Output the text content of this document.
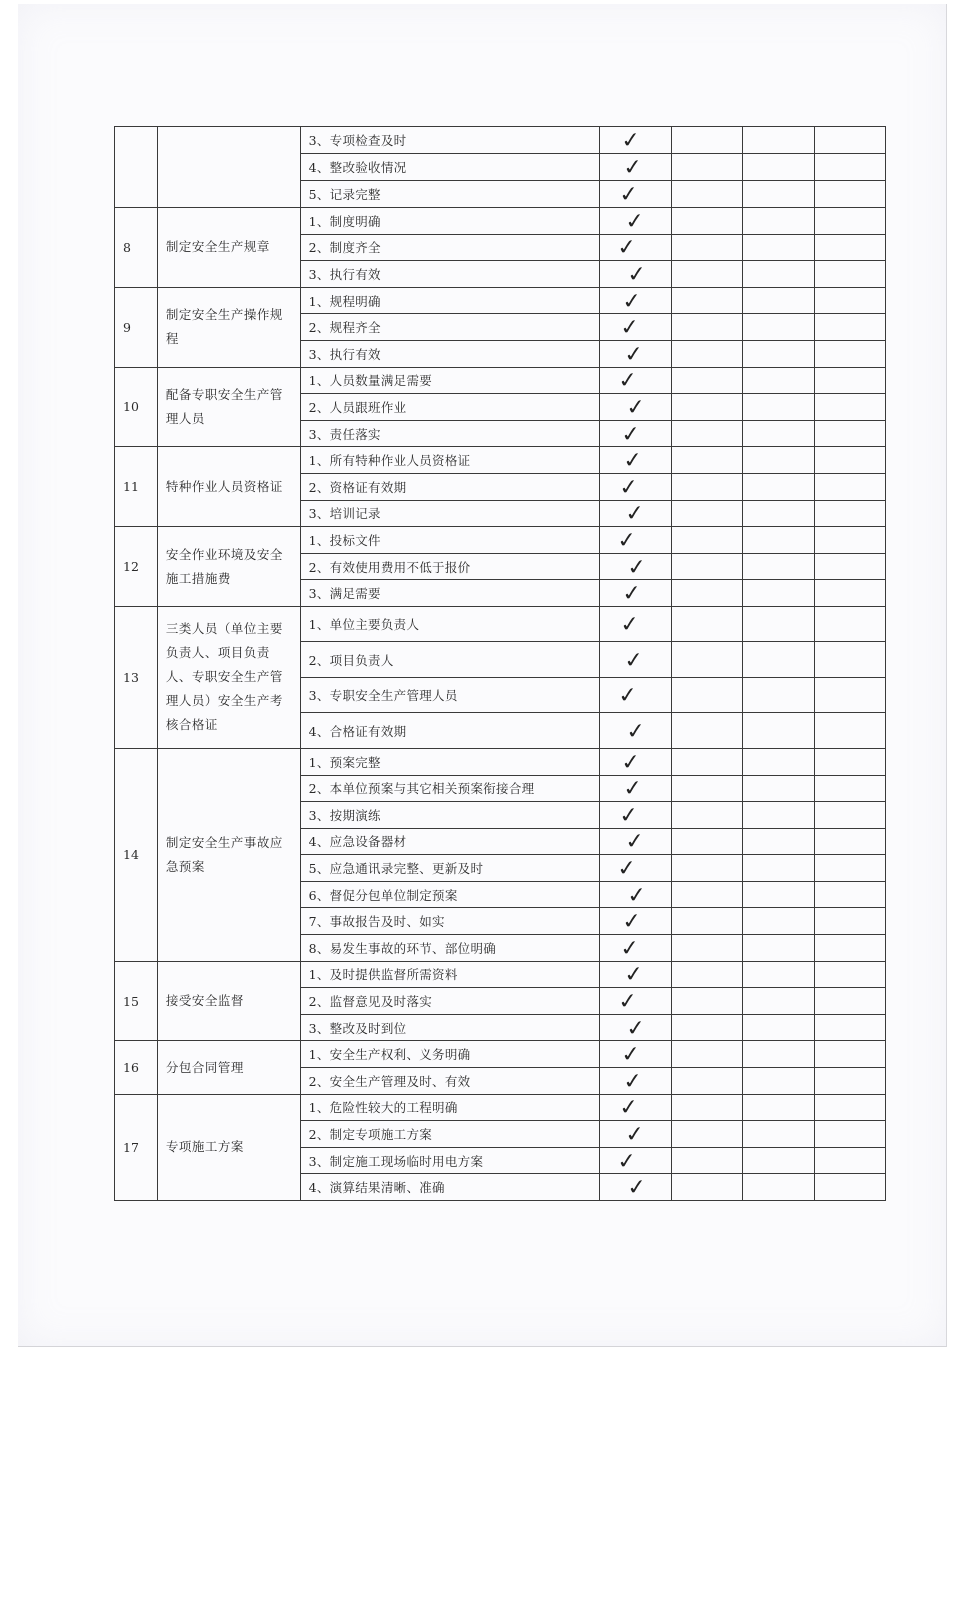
		3、专项检查及时	✓			
		4、整改验收情况	✓			
		5、记录完整	✓			
8	制定安全生产规章	1、制度明确	✓			
		2、制度齐全	✓			
		3、执行有效	✓			
9	制定安全生产操作规程	1、规程明确	✓			
		2、规程齐全	✓			
		3、执行有效	✓			
10	配备专职安全生产管理人员	1、人员数量满足需要	✓			
		2、人员跟班作业	✓			
		3、责任落实	✓			
11	特种作业人员资格证	1、所有特种作业人员资格证	✓			
		2、资格证有效期	✓			
		3、培训记录	✓			
12	安全作业环境及安全施工措施费	1、投标文件	✓			
		2、有效使用费用不低于报价	✓			
		3、满足需要	✓			
13	三类人员（单位主要负责人、项目负责人、专职安全生产管理人员）安全生产考核合格证	1、单位主要负责人	✓			
		2、项目负责人	✓			
		3、专职安全生产管理人员	✓			
		4、合格证有效期	✓			
14	制定安全生产事故应急预案	1、预案完整	✓			
		2、本单位预案与其它相关预案衔接合理	✓			
		3、按期演练	✓			
		4、应急设备器材	✓			
		5、应急通讯录完整、更新及时	✓			
		6、督促分包单位制定预案	✓			
		7、事故报告及时、如实	✓			
		8、易发生事故的环节、部位明确	✓			
15	接受安全监督	1、及时提供监督所需资料	✓			
		2、监督意见及时落实	✓			
		3、整改及时到位	✓			
16	分包合同管理	1、安全生产权利、义务明确	✓			
		2、安全生产管理及时、有效	✓			
17	专项施工方案	1、危险性较大的工程明确	✓			
		2、制定专项施工方案	✓			
		3、制定施工现场临时用电方案	✓			
		4、演算结果清晰、准确	✓			
